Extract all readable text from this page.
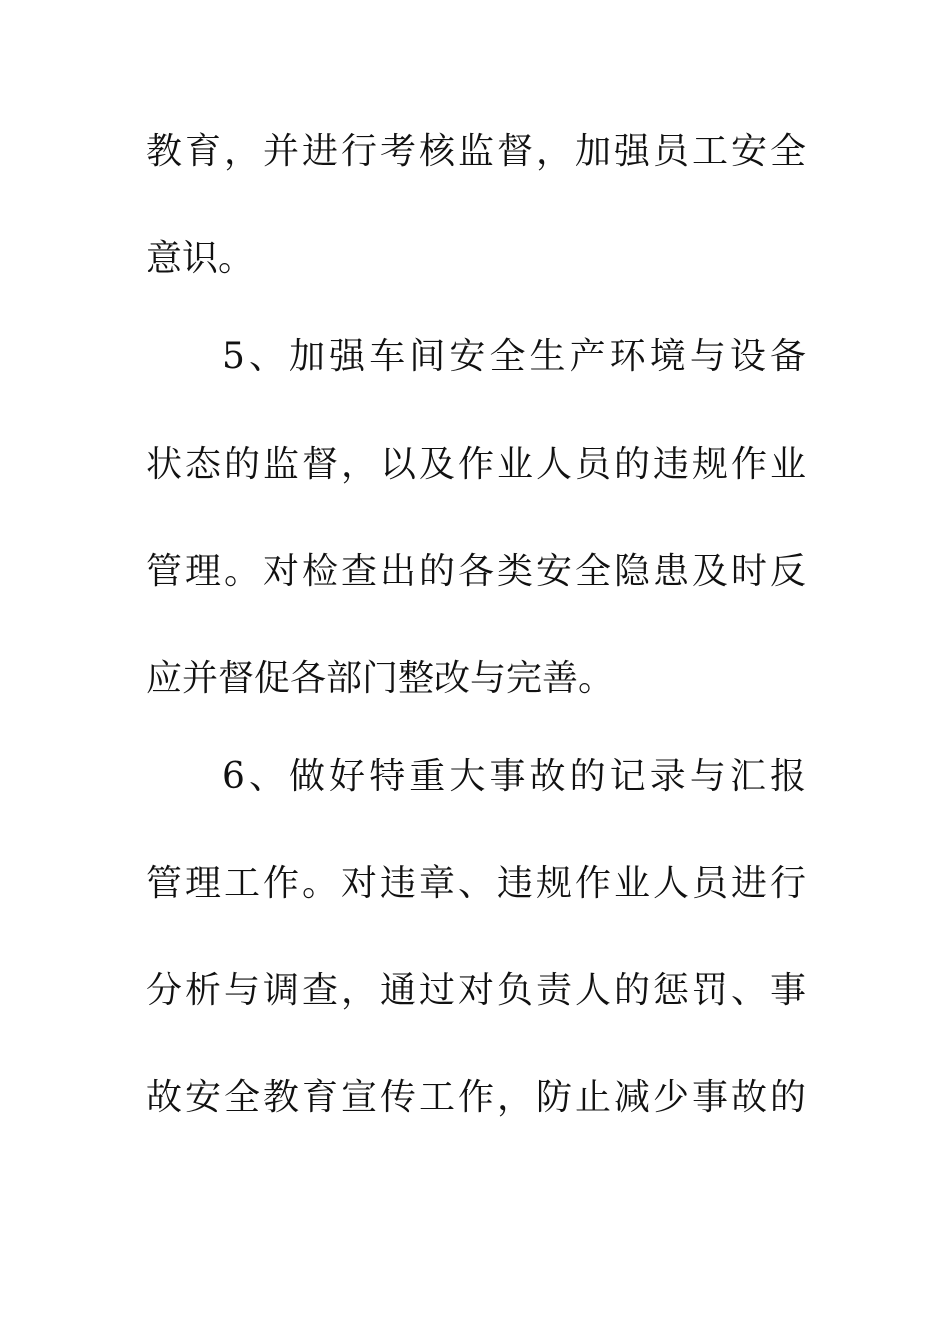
教育，并进行考核监督，加强员工安全
意识。
5、加强车间安全生产环境与设备
状态的监督，以及作业人员的违规作业
管理。对检查出的各类安全隐患及时反
应并督促各部门整改与完善。
6、做好特重大事故的记录与汇报
管理工作。对违章、违规作业人员进行
分析与调查，通过对负责人的惩罚、事
故安全教育宣传工作，防止减少事故的
